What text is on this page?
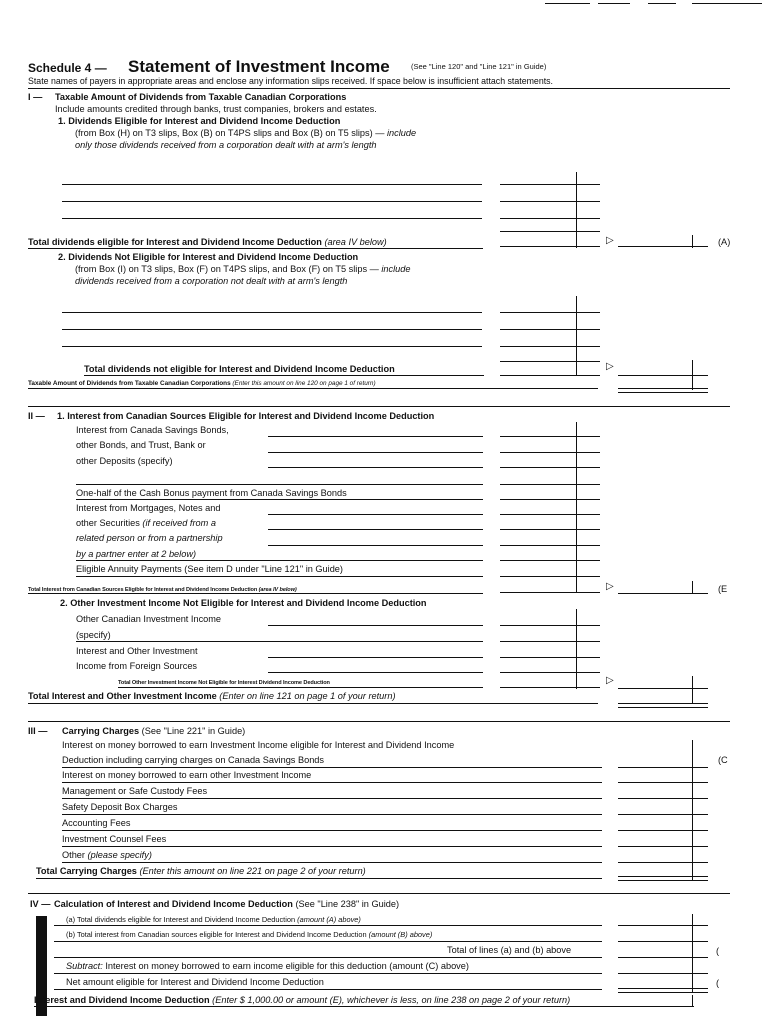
Schedule 4 — Statement of Investment Income	(See "Line 120" and "Line 121" in Guide)
State names of payers in appropriate areas and enclose any information slips received. If space below is insufficient attach statements.
I — Taxable Amount of Dividends from Taxable Canadian Corporations
Include amounts credited through banks, trust companies, brokers and estates.
1. Dividends Eligible for Interest and Dividend Income Deduction
(from Box (H) on T3 slips, Box (B) on T4PS slips and Box (B) on T5 slips) — include
only those dividends received from a corporation dealt with at arm's length
Total dividends eligible for Interest and Dividend Income Deduction (area IV below)	▷	(A)
2. Dividends Not Eligible for Interest and Dividend Income Deduction
(from Box (I) on T3 slips, Box (F) on T4PS slips, and Box (F) on T5 slips — include
dividends received from a corporation not dealt with at arm's length
Total dividends not eligible for Interest and Dividend Income Deduction	▷
Taxable Amount of Dividends from Taxable Canadian Corporations (Enter this amount on line 120 on page 1 of return)
II — 1. Interest from Canadian Sources Eligible for Interest and Dividend Income Deduction
Interest from Canada Savings Bonds,
other Bonds, and Trust, Bank or
other Deposits (specify)
One-half of the Cash Bonus payment from Canada Savings Bonds
Interest from Mortgages, Notes and
other Securities (if received from a
related person or from a partnership
by a partner enter at 2 below)
Eligible Annuity Payments (See item D under "Line 121" in Guide)
Total Interest from Canadian Sources Eligible for Interest and Dividend Income Deduction (area IV below)	▷	(E
2. Other Investment Income Not Eligible for Interest and Dividend Income Deduction
Other Canadian Investment Income
(specify)
Interest and Other Investment
Income from Foreign Sources
Total Other Investment Income Not Eligible for Interest Dividend Income Deduction	▷
Total Interest and Other Investment Income (Enter on line 121 on page 1 of your return)
III — Carrying Charges (See "Line 221" in Guide)
Interest on money borrowed to earn Investment Income eligible for Interest and Dividend Income
Deduction including carrying charges on Canada Savings Bonds	(C
Interest on money borrowed to earn other Investment Income
Management or Safe Custody Fees
Safety Deposit Box Charges
Accounting Fees
Investment Counsel Fees
Other (please specify)
Total Carrying Charges (Enter this amount on line 221 on page 2 of your return)
IV — Calculation of Interest and Dividend Income Deduction (See "Line 238" in Guide)
(a) Total dividends eligible for Interest and Dividend Income Deduction (amount (A) above)
(b) Total interest from Canadian sources eligible for Interest and Dividend Income Deduction (amount (B) above)
Total of lines (a) and (b) above
Subtract: Interest on money borrowed to earn income eligible for this deduction (amount (C) above)
Net amount eligible for Interest and Dividend Income Deduction
(
(
Interest and Dividend Income Deduction (Enter $ 1,000.00 or amount (E), whichever is less, on line 238 on page 2 of your return)
